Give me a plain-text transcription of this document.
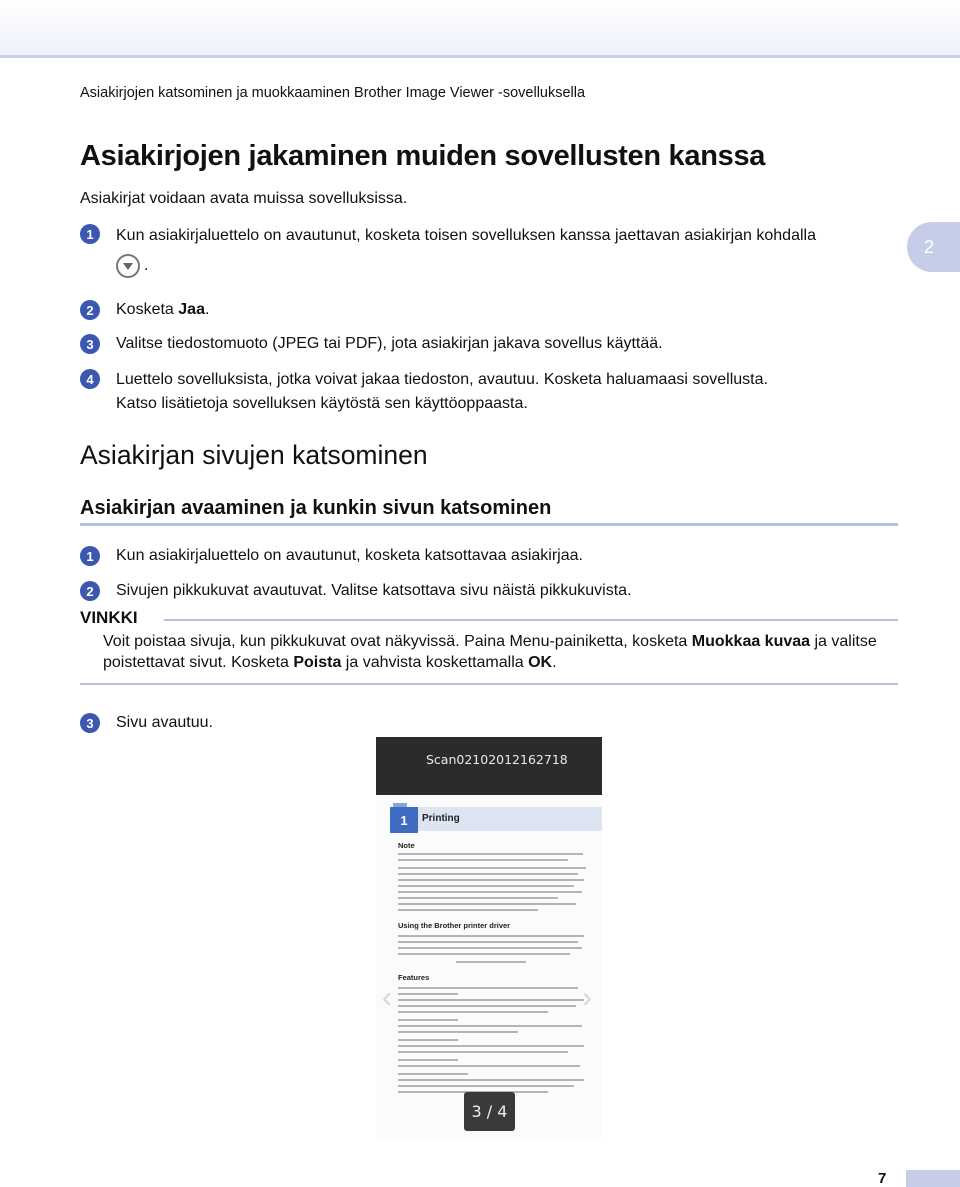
Asiakirjojen katsominen ja muokkaaminen Brother Image Viewer -sovelluksella
2
Asiakirjojen jakaminen muiden sovellusten kanssa
Asiakirjat voidaan avata muissa sovelluksissa.
1	Kun asiakirjaluettelo on avautunut, kosketa toisen sovelluksen kanssa jaettavan asiakirjan kohdalla
.
2	Kosketa Jaa.
3	Valitse tiedostomuoto (JPEG tai PDF), jota asiakirjan jakava sovellus käyttää.
4	Luettelo sovelluksista, jotka voivat jakaa tiedoston, avautuu. Kosketa haluamaasi sovellusta.
Katso lisätietoja sovelluksen käytöstä sen käyttöoppaasta.
Asiakirjan sivujen katsominen
Asiakirjan avaaminen ja kunkin sivun katsominen
1	Kun asiakirjaluettelo on avautunut, kosketa katsottavaa asiakirjaa.
2	Sivujen pikkukuvat avautuvat. Valitse katsottava sivu näistä pikkukuvista.
VINKKI
Voit poistaa sivuja, kun pikkukuvat ovat näkyvissä. Paina Menu-painiketta, kosketa Muokkaa kuvaa ja valitse poistettavat sivut. Kosketa Poista ja vahvista koskettamalla OK.
3	Sivu avautuu.
Scan02102012162718
1	Printing
Note
Using the Brother printer driver
Features
‹	›
3 / 4
7
